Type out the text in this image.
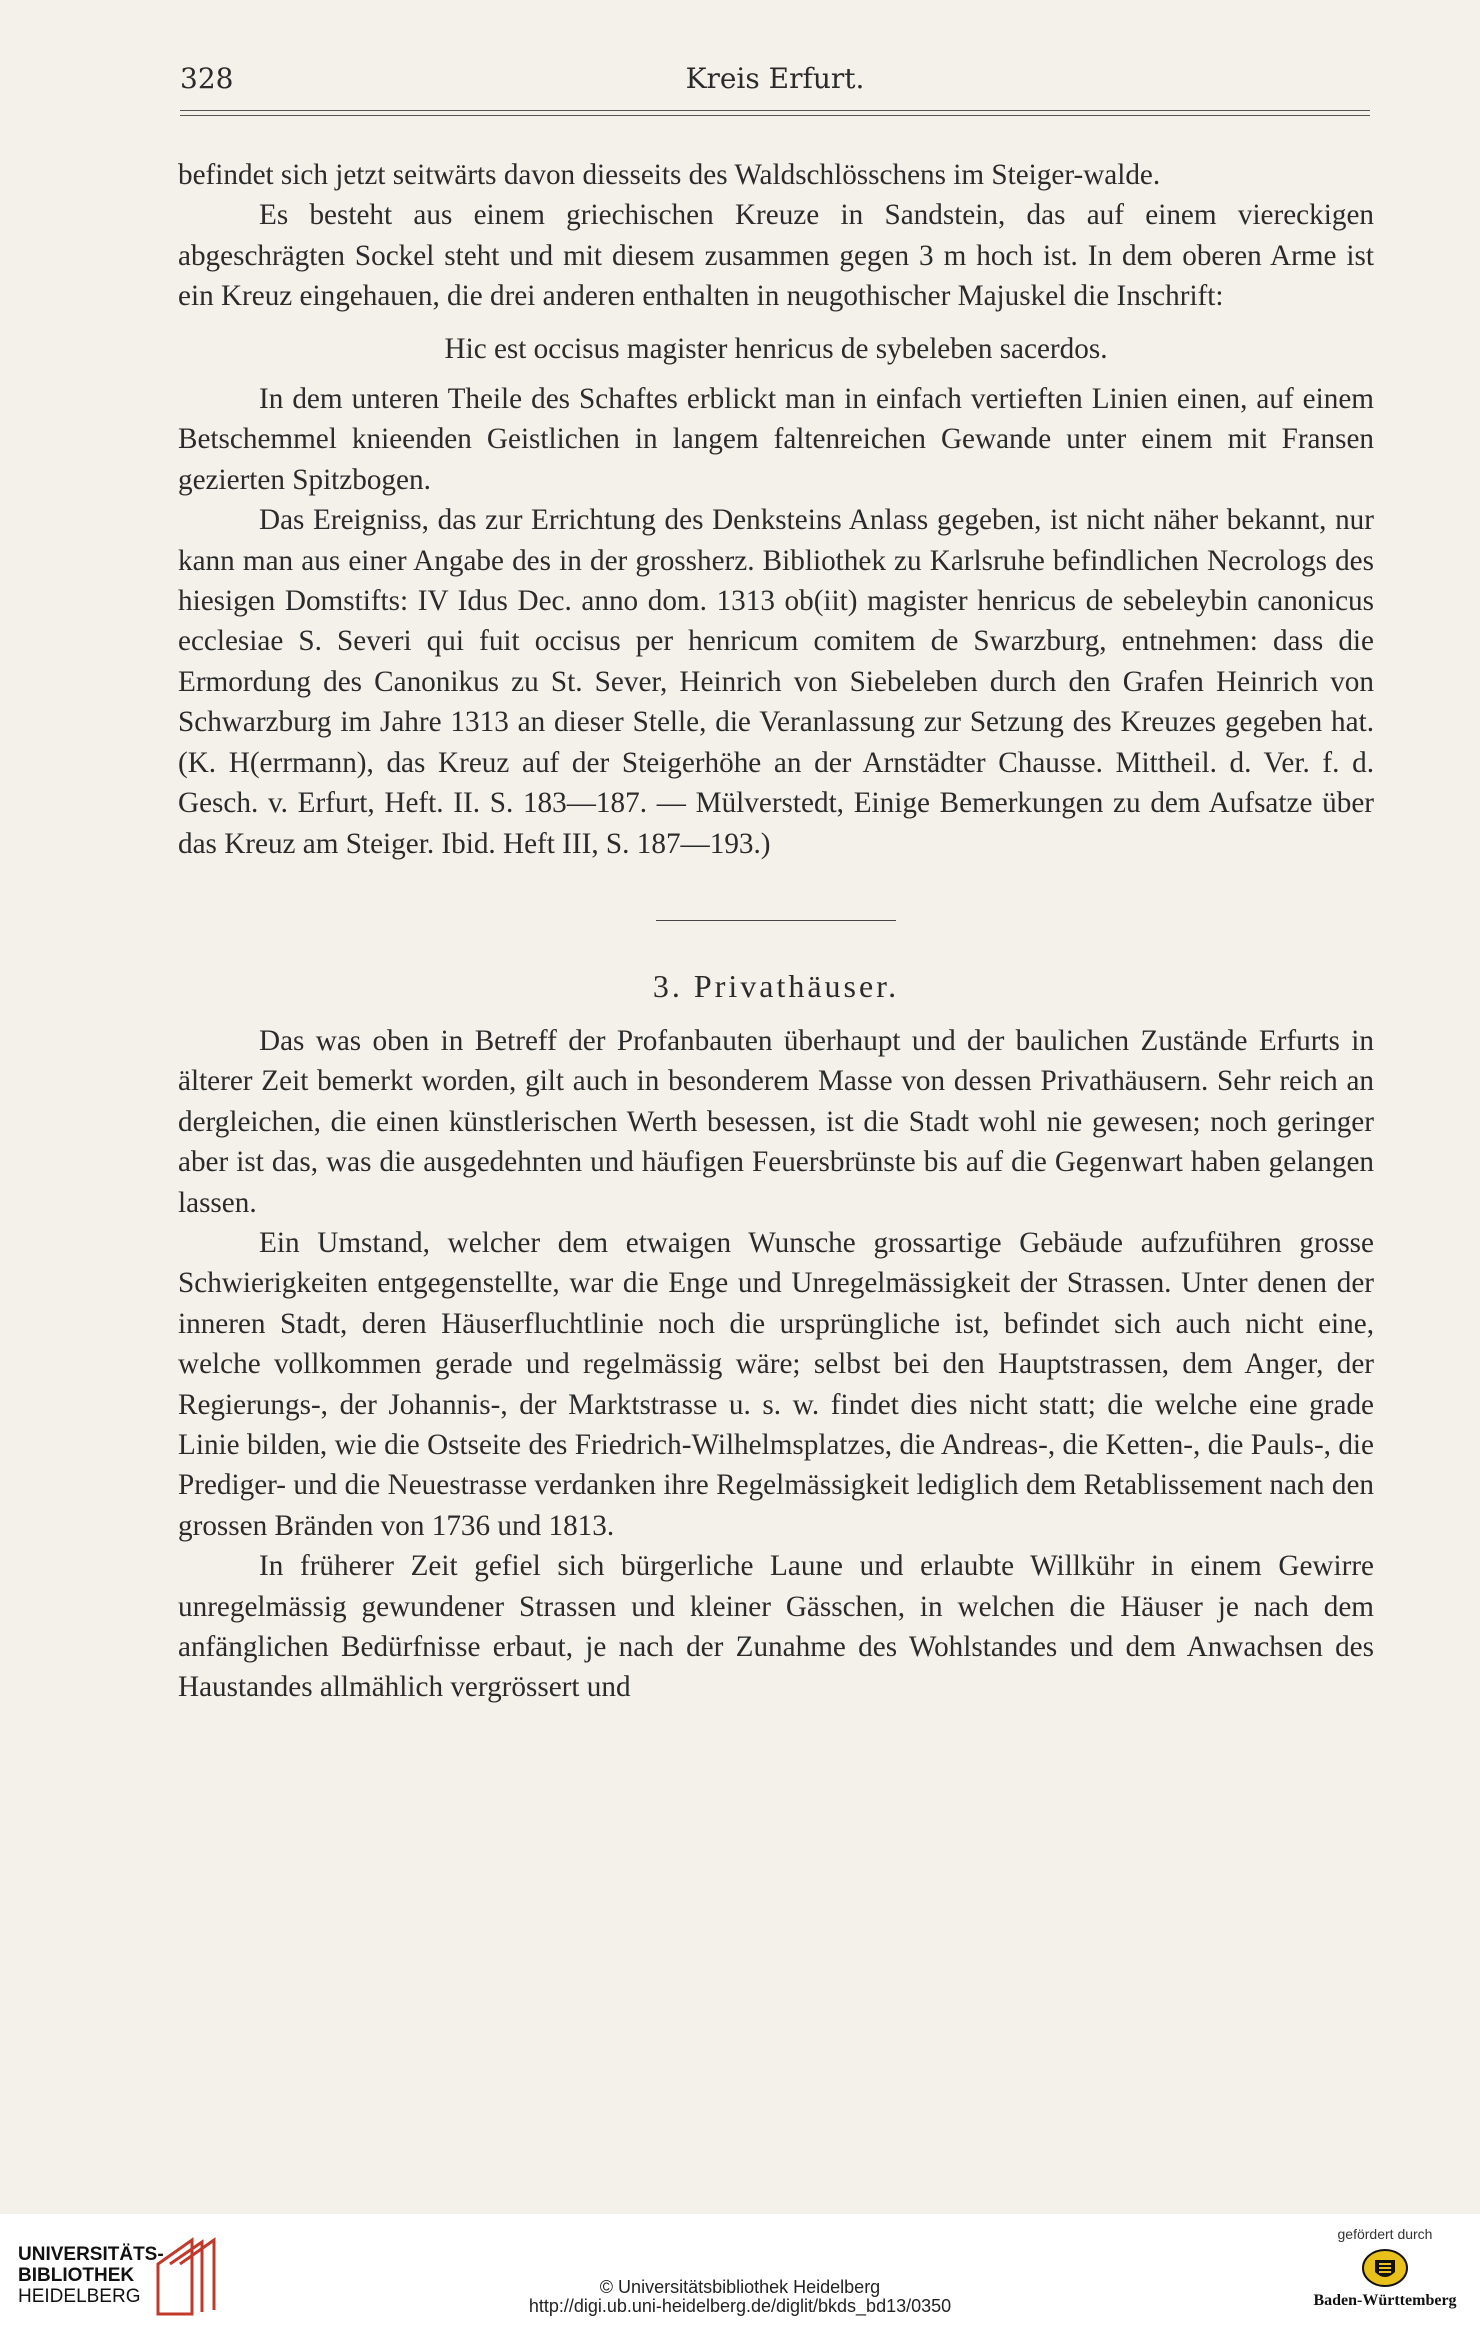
328	Kreis Erfurt.

befindet sich jetzt seitwärts davon diesseits des Waldschlösschens im Steiger-walde.

Es besteht aus einem griechischen Kreuze in Sandstein, das auf einem viereckigen abgeschrägten Sockel steht und mit diesem zusammen gegen 3 m hoch ist. In dem oberen Arme ist ein Kreuz eingehauen, die drei anderen enthalten in neugothischer Majuskel die Inschrift:

Hic est occisus magister henricus de sybeleben sacerdos.

In dem unteren Theile des Schaftes erblickt man in einfach vertieften Linien einen, auf einem Betschemmel knieenden Geistlichen in langem faltenreichen Gewande unter einem mit Fransen gezierten Spitzbogen.

Das Ereigniss, das zur Errichtung des Denksteins Anlass gegeben, ist nicht näher bekannt, nur kann man aus einer Angabe des in der grossherz. Bibliothek zu Karlsruhe befindlichen Necrologs des hiesigen Domstifts: IV Idus Dec. anno dom. 1313 ob(iit) magister henricus de sebeleybin canonicus ecclesiae S. Severi qui fuit occisus per henricum comitem de Swarzburg, entnehmen: dass die Ermordung des Canonikus zu St. Sever, Heinrich von Siebeleben durch den Grafen Heinrich von Schwarzburg im Jahre 1313 an dieser Stelle, die Veranlassung zur Setzung des Kreuzes gegeben hat. (K. H(errmann), das Kreuz auf der Steigerhöhe an der Arnstädter Chausse. Mittheil. d. Ver. f. d. Gesch. v. Erfurt, Heft. II. S. 183—187. — Mülverstedt, Einige Bemerkungen zu dem Aufsatze über das Kreuz am Steiger. Ibid. Heft III, S. 187—193.)

3. Privathäuser.

Das was oben in Betreff der Profanbauten überhaupt und der baulichen Zustände Erfurts in älterer Zeit bemerkt worden, gilt auch in besonderem Masse von dessen Privathäusern. Sehr reich an dergleichen, die einen künstlerischen Werth besessen, ist die Stadt wohl nie gewesen; noch geringer aber ist das, was die ausgedehnten und häufigen Feuersbrünste bis auf die Gegenwart haben gelangen lassen.

Ein Umstand, welcher dem etwaigen Wunsche grossartige Gebäude aufzuführen grosse Schwierigkeiten entgegenstellte, war die Enge und Unregelmässigkeit der Strassen. Unter denen der inneren Stadt, deren Häuserfluchtlinie noch die ursprüngliche ist, befindet sich auch nicht eine, welche vollkommen gerade und regelmässig wäre; selbst bei den Hauptstrassen, dem Anger, der Regierungs-, der Johannis-, der Marktstrasse u. s. w. findet dies nicht statt; die welche eine grade Linie bilden, wie die Ostseite des Friedrich-Wilhelmsplatzes, die Andreas-, die Ketten-, die Pauls-, die Prediger- und die Neuestrasse verdanken ihre Regelmässigkeit lediglich dem Retablissement nach den grossen Bränden von 1736 und 1813.

In früherer Zeit gefiel sich bürgerliche Laune und erlaubte Willkühr in einem Gewirre unregelmässig gewundener Strassen und kleiner Gässchen, in welchen die Häuser je nach dem anfänglichen Bedürfnisse erbaut, je nach der Zunahme des Wohlstandes und dem Anwachsen des Haustandes allmählich vergrössert und

UNIVERSITÄTS-
BIBLIOTHEK
HEIDELBERG	© Universitätsbibliothek Heidelberg
http://digi.ub.uni-heidelberg.de/diglit/bkds_bd13/0350
gefördert durch
Baden-Württemberg
